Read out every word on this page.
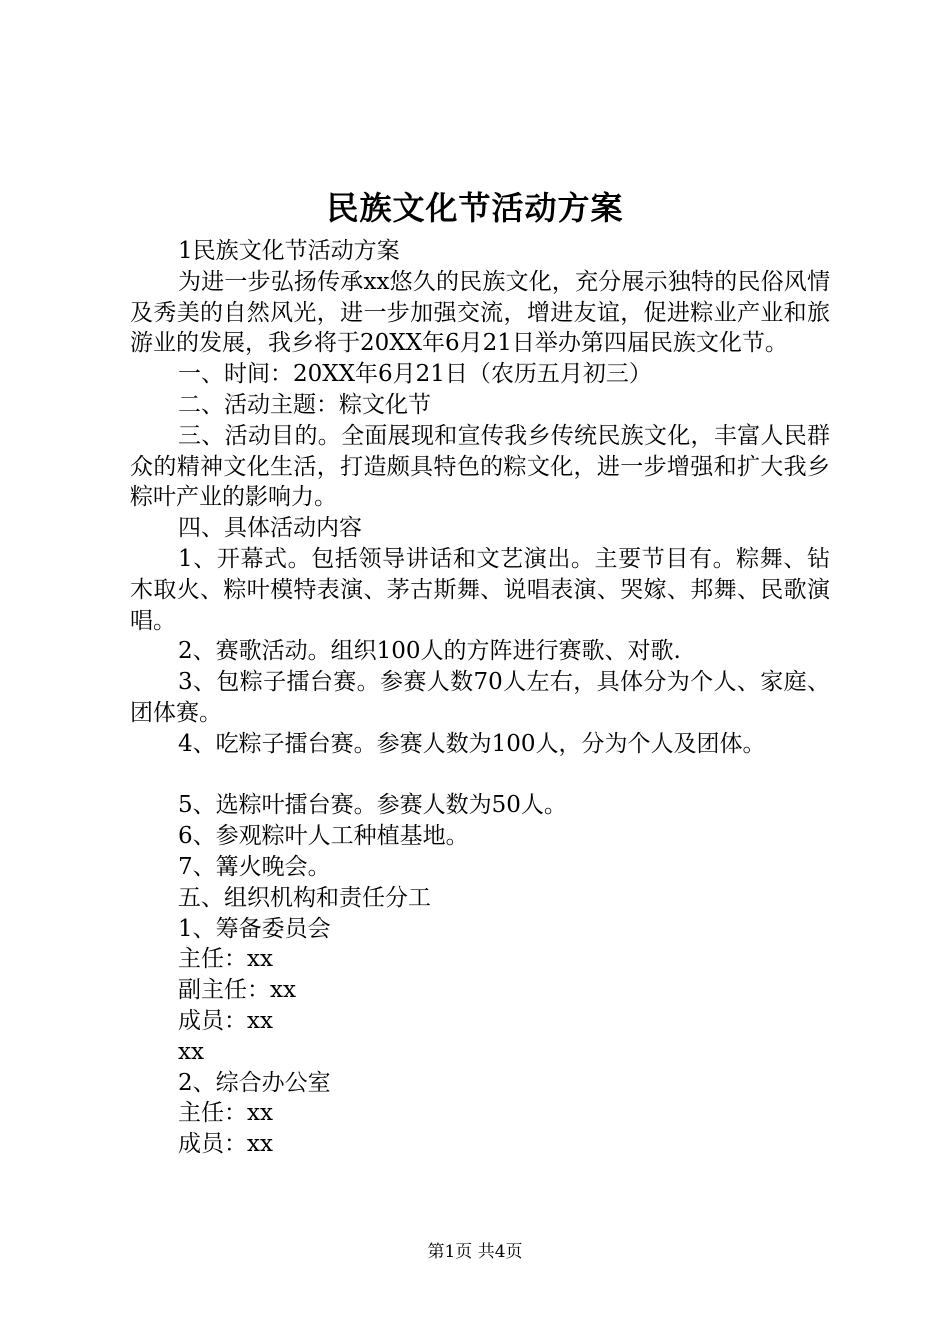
民族文化节活动方案

1民族文化节活动方案

为进一步弘扬传承xx悠久的民族文化，充分展示独特的民俗风情及秀美的自然风光，进一步加强交流，增进友谊，促进粽业产业和旅游业的发展，我乡将于20XX年6月21日举办第四届民族文化节。

一、时间：20XX年6月21日（农历五月初三）

二、活动主题：粽文化节

三、活动目的。全面展现和宣传我乡传统民族文化，丰富人民群众的精神文化生活，打造颇具特色的粽文化，进一步增强和扩大我乡粽叶产业的影响力。

四、具体活动内容

1、开幕式。包括领导讲话和文艺演出。主要节目有。粽舞、钻木取火、粽叶模特表演、茅古斯舞、说唱表演、哭嫁、邦舞、民歌演唱。

2、赛歌活动。组织100人的方阵进行赛歌、对歌.

3、包粽子擂台赛。参赛人数70人左右，具体分为个人、家庭、团体赛。

4、吃粽子擂台赛。参赛人数为100人，分为个人及团体。

5、选粽叶擂台赛。参赛人数为50人。
6、参观粽叶人工种植基地。
7、篝火晚会。
五、组织机构和责任分工
1、筹备委员会
主任：xx
副主任：xx
成员：xx
xx
2、综合办公室
主任：xx
成员：xx
第1页 共4页
